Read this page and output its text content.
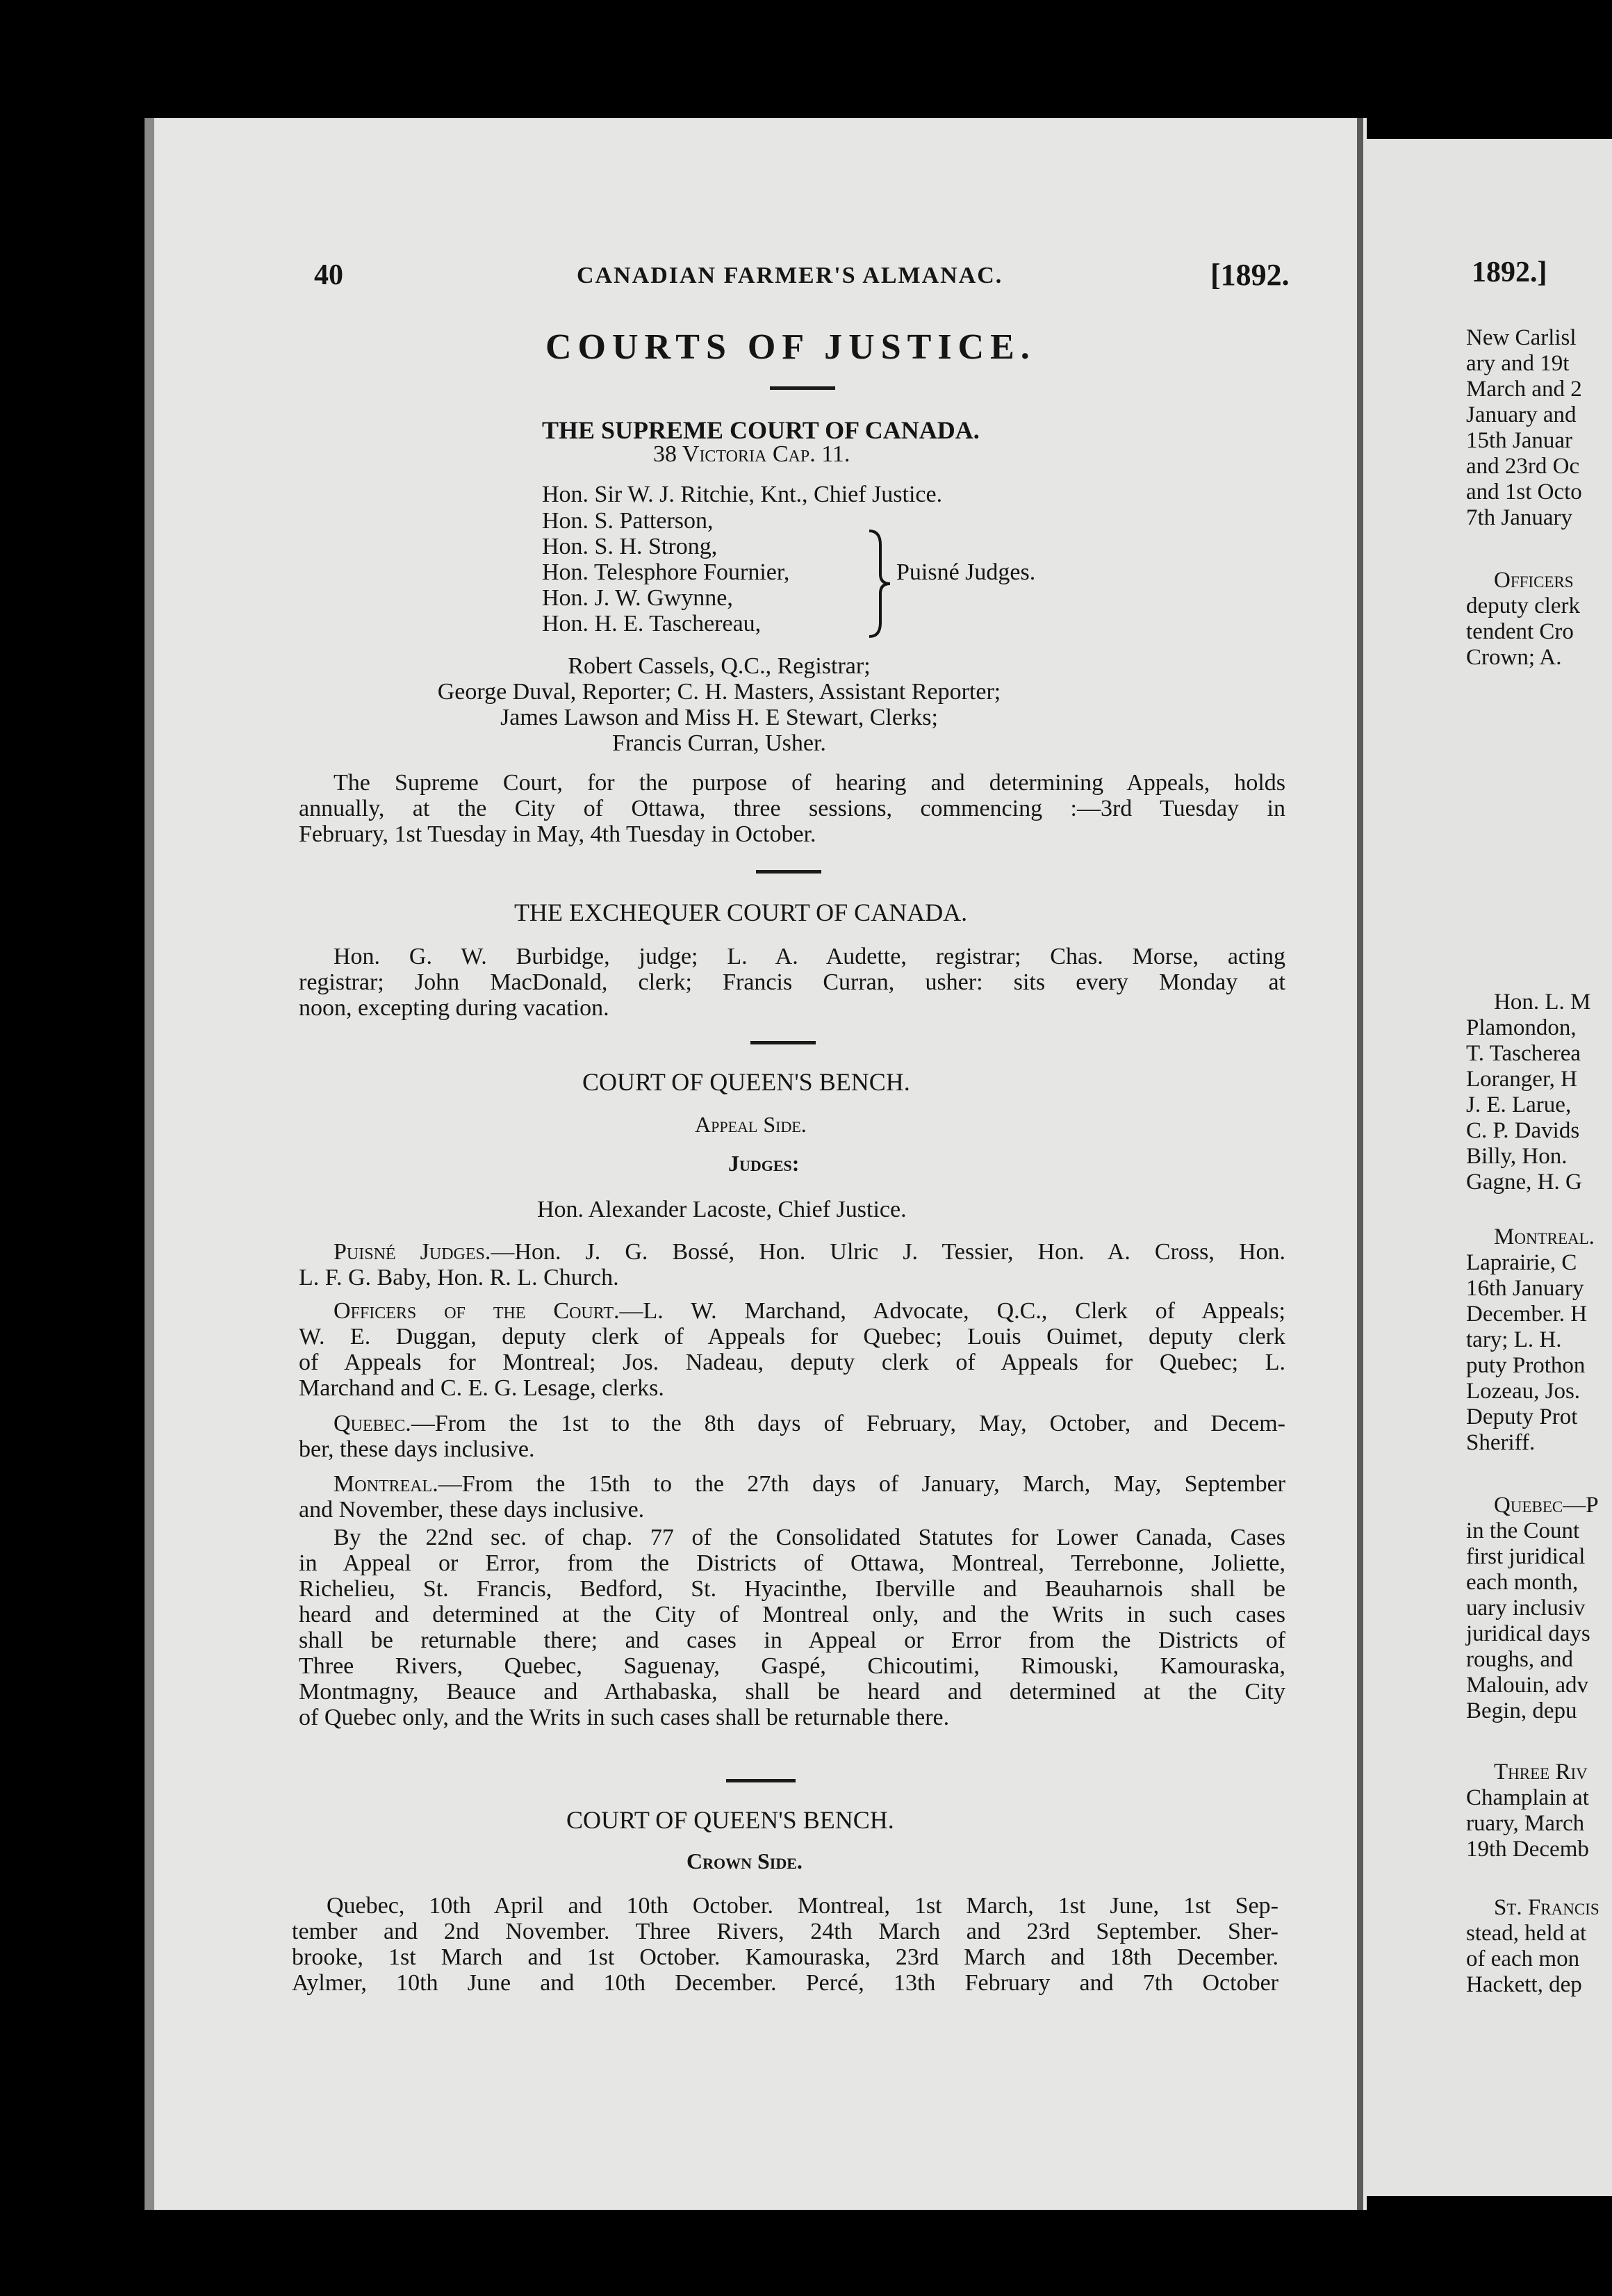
40	CANADIAN FARMER'S ALMANAC.	[1892.
COURTS OF JUSTICE.
THE SUPREME COURT OF CANADA.
38 Victoria Cap. 11.
Hon. Sir W. J. Ritchie, Knt., Chief Justice.
Hon. S. Patterson,
Hon. S. H. Strong,
Hon. Telesphore Fournier,
Hon. J. W. Gwynne,
Hon. H. E. Taschereau,
Puisné Judges.
Robert Cassels, Q.C., Registrar;
George Duval, Reporter; C. H. Masters, Assistant Reporter;
James Lawson and Miss H. E Stewart, Clerks;
Francis Curran, Usher.
The Supreme Court, for the purpose of hearing and determining Appeals, holds
annually, at the City of Ottawa, three sessions, commencing :—3rd Tuesday in
February, 1st Tuesday in May, 4th Tuesday in October.
THE EXCHEQUER COURT OF CANADA.
Hon. G. W. Burbidge, judge; L. A. Audette, registrar; Chas. Morse, acting
registrar; John MacDonald, clerk; Francis Curran, usher: sits every Monday at
noon, excepting during vacation.
COURT OF QUEEN'S BENCH.
Appeal Side.
Judges:
Hon. Alexander Lacoste, Chief Justice.
Puisné Judges.—Hon. J. G. Bossé, Hon. Ulric J. Tessier, Hon. A. Cross, Hon.
L. F. G. Baby, Hon. R. L. Church.
Officers of the Court.—L. W. Marchand, Advocate, Q.C., Clerk of Appeals;
W. E. Duggan, deputy clerk of Appeals for Quebec; Louis Ouimet, deputy clerk
of Appeals for Montreal; Jos. Nadeau, deputy clerk of Appeals for Quebec; L.
Marchand and C. E. G. Lesage, clerks.
Quebec.—From the 1st to the 8th days of February, May, October, and Decem-
ber, these days inclusive.
Montreal.—From the 15th to the 27th days of January, March, May, September
and November, these days inclusive.
By the 22nd sec. of chap. 77 of the Consolidated Statutes for Lower Canada, Cases
in Appeal or Error, from the Districts of Ottawa, Montreal, Terrebonne, Joliette,
Richelieu, St. Francis, Bedford, St. Hyacinthe, Iberville and Beauharnois shall be
heard and determined at the City of Montreal only, and the Writs in such cases
shall be returnable there; and cases in Appeal or Error from the Districts of
Three Rivers, Quebec, Saguenay, Gaspé, Chicoutimi, Rimouski, Kamouraska,
Montmagny, Beauce and Arthabaska, shall be heard and determined at the City
of Quebec only, and the Writs in such cases shall be returnable there.
COURT OF QUEEN'S BENCH.
Crown Side.
Quebec, 10th April and 10th October. Montreal, 1st March, 1st June, 1st Sep-
tember and 2nd November. Three Rivers, 24th March and 23rd September. Sher-
brooke, 1st March and 1st October. Kamouraska, 23rd March and 18th December.
Aylmer, 10th June and 10th December. Percé, 13th February and 7th October
1892.]
New Carlisl
ary and 19t
March and 2
January and
15th Januar
and 23rd Oc
and 1st Octo
7th January
Officers
deputy clerk
tendent Cro
Crown; A.
Hon. L. M
Plamondon,
T. Tascherea
Loranger, H
J. E. Larue,
C. P. Davids
Billy, Hon.
Gagne, H. G
Montreal.
Laprairie, C
16th January
December. H
tary; L. H.
puty Prothon
Lozeau, Jos.
Deputy Prot
Sheriff.
Quebec—P
in the Count
first juridical
each month,
uary inclusiv
juridical days
roughs, and
Malouin, adv
Begin, depu
Three Riv
Champlain at
ruary, March
19th Decemb
St. Francis
stead, held at
of each mon
Hackett, dep
